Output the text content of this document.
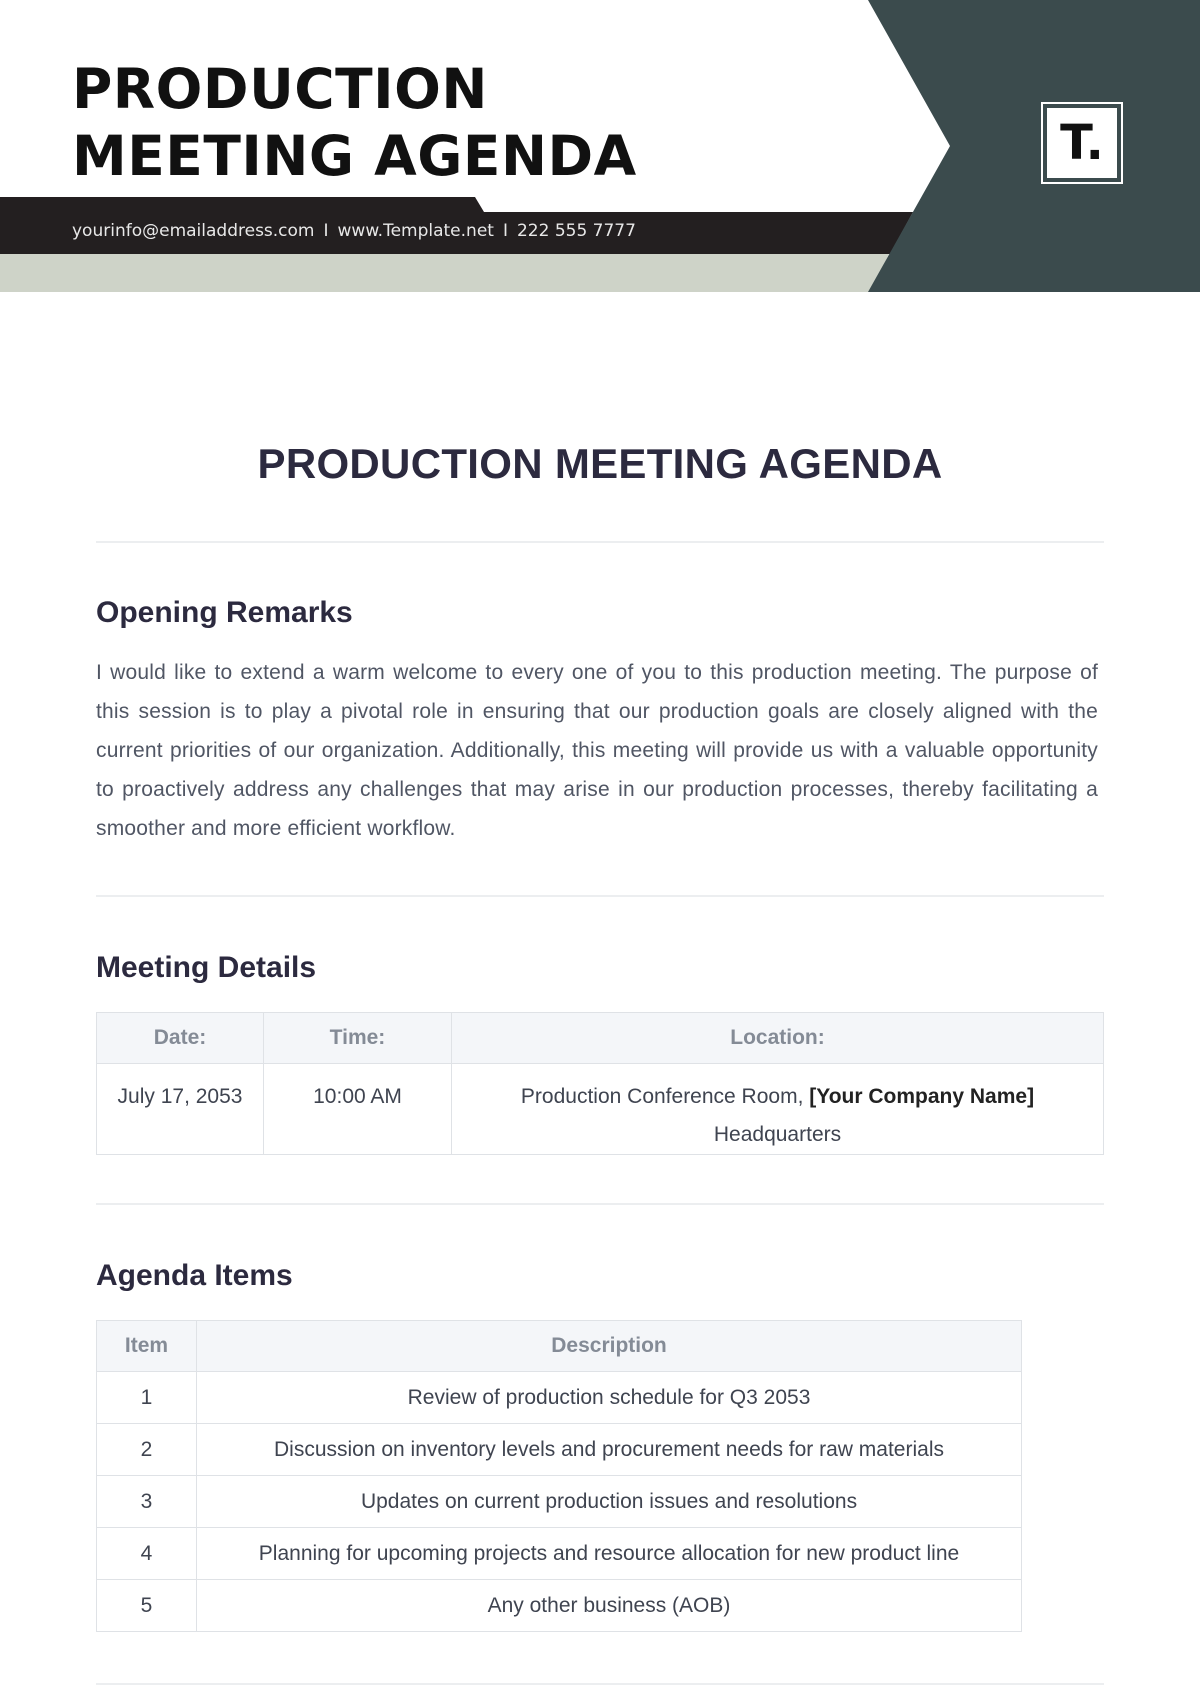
PRODUCTION
MEETING AGENDA
yourinfo@emailaddress.com I www.Template.net I 222 555 7777
T.
PRODUCTION MEETING AGENDA
Opening Remarks

I would like to extend a warm welcome to every one of you to this production meeting. The purpose of this session is to play a pivotal role in ensuring that our production goals are closely aligned with the current priorities of our organization. Additionally, this meeting will provide us with a valuable opportunity to proactively address any challenges that may arise in our production processes, thereby facilitating a smoother and more efficient workflow.

Meeting Details
Date:	Time:	Location:
July 17, 2053	10:00 AM	Production Conference Room, [Your Company Name]
Headquarters
Agenda Items
Item	Description
1	Review of production schedule for Q3 2053
2	Discussion on inventory levels and procurement needs for raw materials
3	Updates on current production issues and resolutions
4	Planning for upcoming projects and resource allocation for new product line
5	Any other business (AOB)
